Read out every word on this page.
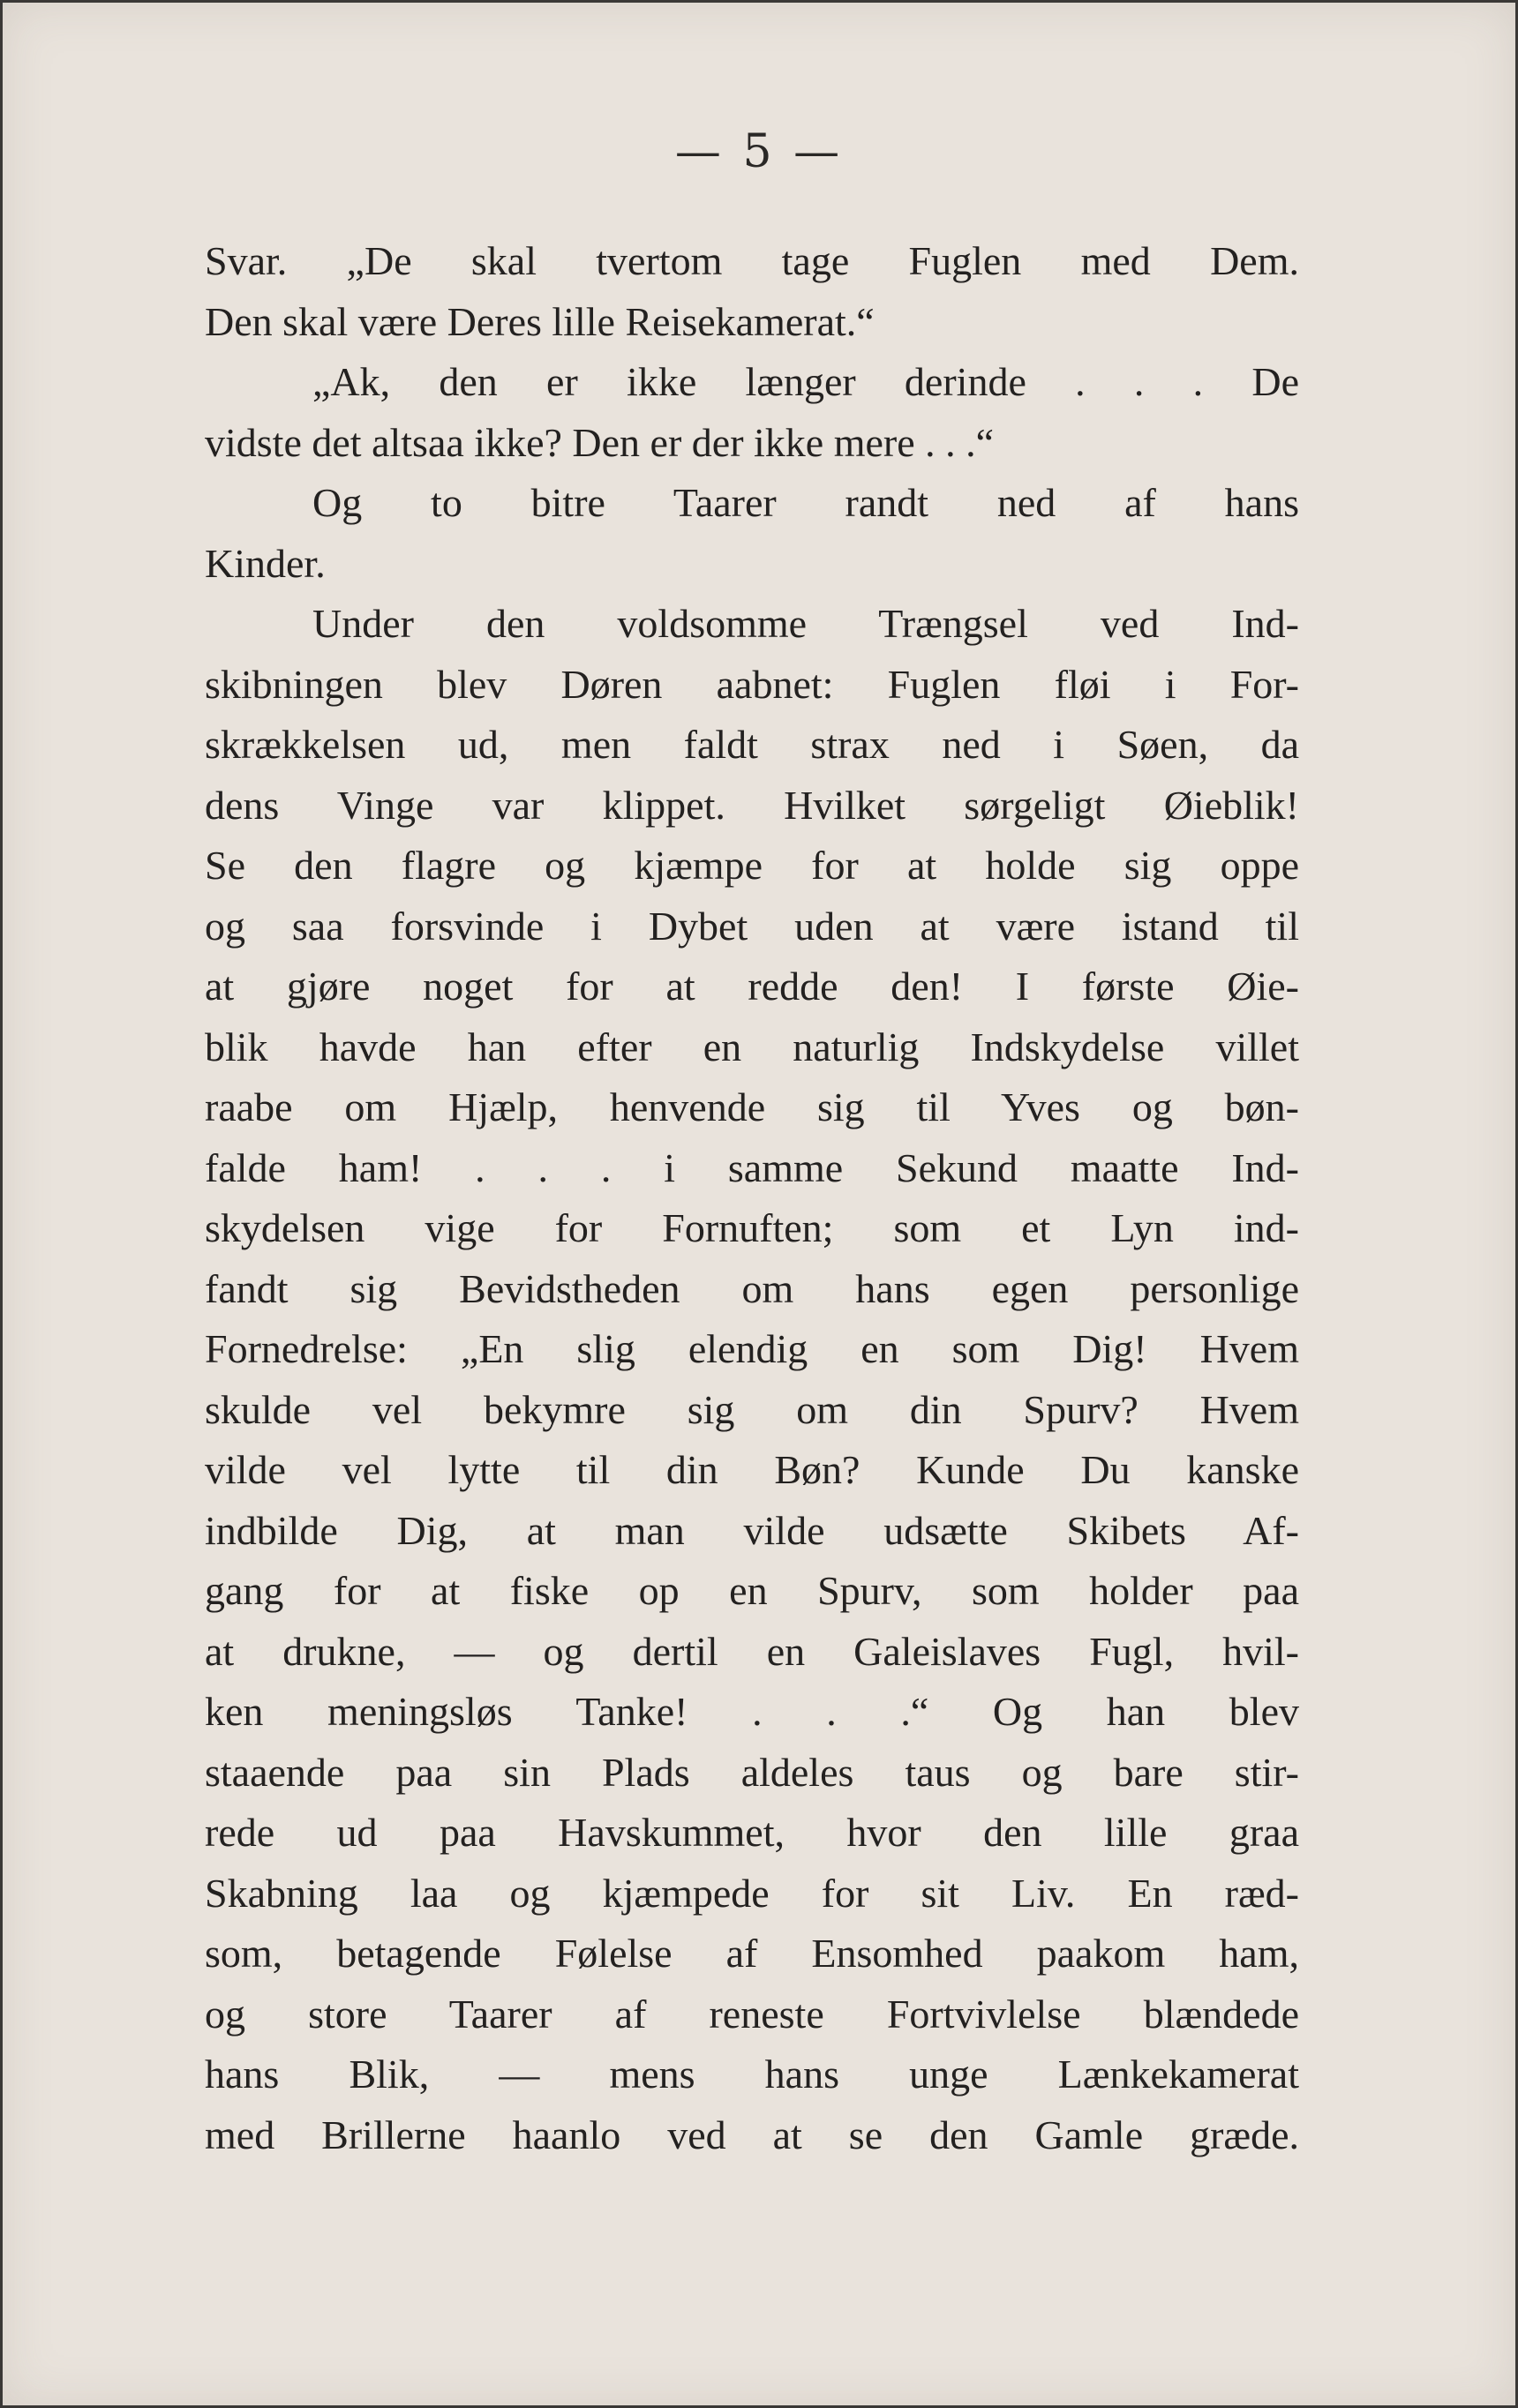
— 5 —
Svar. „De skal tvertom tage Fuglen med Dem.
Den skal være Deres lille Reisekamerat.“
„Ak, den er ikke længer derinde . . . De
vidste det altsaa ikke? Den er der ikke mere . . .“
Og to bitre Taarer randt ned af hans
Kinder.
Under den voldsomme Trængsel ved Ind-
skibningen blev Døren aabnet: Fuglen fløi i For-
skrækkelsen ud, men faldt strax ned i Søen, da
dens Vinge var klippet. Hvilket sørgeligt Øieblik!
Se den flagre og kjæmpe for at holde sig oppe
og saa forsvinde i Dybet uden at være istand til
at gjøre noget for at redde den! I første Øie-
blik havde han efter en naturlig Indskydelse villet
raabe om Hjælp, henvende sig til Yves og bøn-
falde ham! . . . i samme Sekund maatte Ind-
skydelsen vige for Fornuften; som et Lyn ind-
fandt sig Bevidstheden om hans egen personlige
Fornedrelse: „En slig elendig en som Dig! Hvem
skulde vel bekymre sig om din Spurv? Hvem
vilde vel lytte til din Bøn? Kunde Du kanske
indbilde Dig, at man vilde udsætte Skibets Af-
gang for at fiske op en Spurv, som holder paa
at drukne, — og dertil en Galeislaves Fugl, hvil-
ken meningsløs Tanke! . . .“ Og han blev
staaende paa sin Plads aldeles taus og bare stir-
rede ud paa Havskummet, hvor den lille graa
Skabning laa og kjæmpede for sit Liv. En ræd-
som, betagende Følelse af Ensomhed paakom ham,
og store Taarer af reneste Fortvivlelse blændede
hans Blik, — mens hans unge Lænkekamerat
med Brillerne haanlo ved at se den Gamle græde.
